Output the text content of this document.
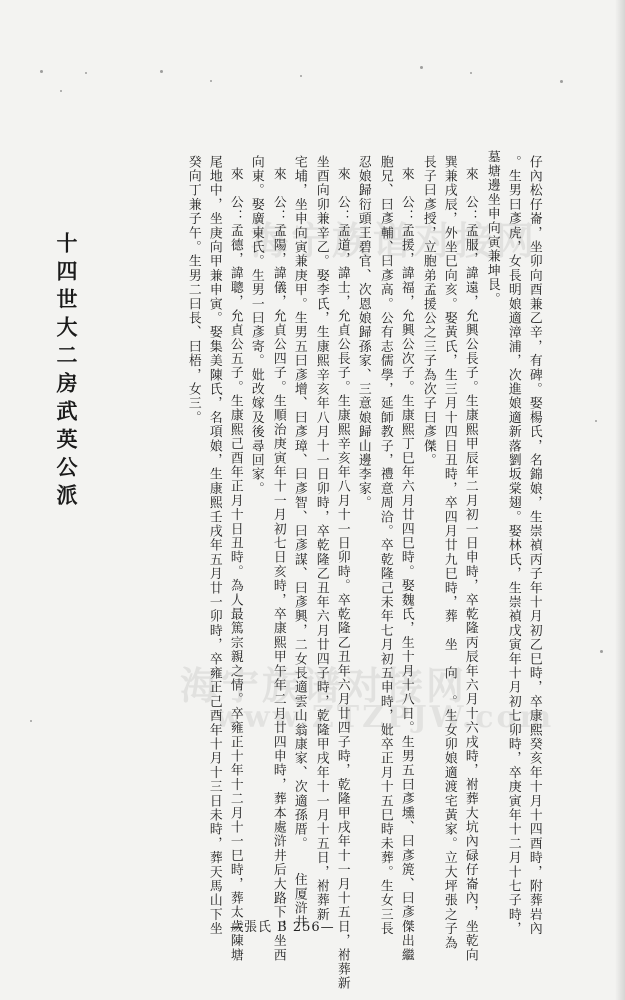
十四世大二房武英公派	仔內松仔崙，坐卯向酉兼乙辛，有碑。娶楊氏，名錦娘，生崇禎丙子年十月初乙巳時，卒康熙癸亥年十月十四酉時，附葬岩內
。生男曰彥虎，女長明娘適漳浦，次進娘適新落劉坂棠翅。娶林氏，生崇禎戊寅年十月初七卯時，卒庚寅年十二月十七子時，
墓塘邊坐申向寅兼坤艮。
來　公：孟服，諱遠，允興公長子。生康熙甲辰年二月初一日申時，卒乾隆丙辰年六月十六戌時，祔葬大坑內碌仔崙內，坐乾向
巽兼戌辰，外坐巳向亥。娶黃氏，生三月十四日丑時，卒四月廿九巳時，葬　坐　向　。生女卯娘適渡宅黃家。立大坪張之子為
長子曰彥授，立胞弟孟援公之三子為次子曰彥傑。
來　公：孟援，諱福，允興公次子。生康熙丁巳年六月廿四巳時。娶魏氏，生十月十八日。生男五曰彥壎、曰彥箎、曰彥傑出繼
胞兄、曰彥輔、曰彥高。公有志儒學，延師教子，禮意周洽。卒乾隆己未年七月初五申時，妣卒正月十五巳時未葬。生女三長
忍娘歸衍頭王碧官、次恩娘歸孫家、三意娘歸山邊李家。
來　公：孟道，諱士，允貞公長子。生康熙辛亥年八月十一日卯時。卒乾隆乙丑年六月廿四子時，乾隆甲戌年十一月十五日，祔葬新
坐酉向卯兼辛乙。娶李氏，生康熙辛亥年八月十一日卯時，卒乾隆乙丑年六月廿四子時，乾隆甲戌年十一月十五日，祔葬新
宅埔，坐申向寅兼庚甲。生男五曰彥增、曰彥璋、曰彥智、曰彥謀、曰彥興，二女長適雲山翁康家、次適孫厝。　　住厦浒井
來　公：孟陽，諱儀，允貞公四子。生順治庚寅年十一月初七日亥時，卒康熙甲午年二月廿四申時，葬本處浒井后大路下，坐西
向東。娶廣東氏。生男一曰彥寄。妣改嫁及後尋回家。
來　公：孟德，諱聰，允貞公五子。生康熙己酉年正月十日丑時。為人最篤宗親之情。卒雍正十年十二月十一巳時，葬太歲陳塘
尾地中，坐庚向甲兼申寅。娶集美陳氏，名項娘，生康熙壬戌年五月廿一卯時，卒雍正己酉年十月十三日未時，葬天馬山下坐
癸向丁兼子午。生男二曰長、曰梧，女三。
—張氏 B 256—
海宁族谱对接网
海宁族谱对接网
www.ZTZPJW.com
